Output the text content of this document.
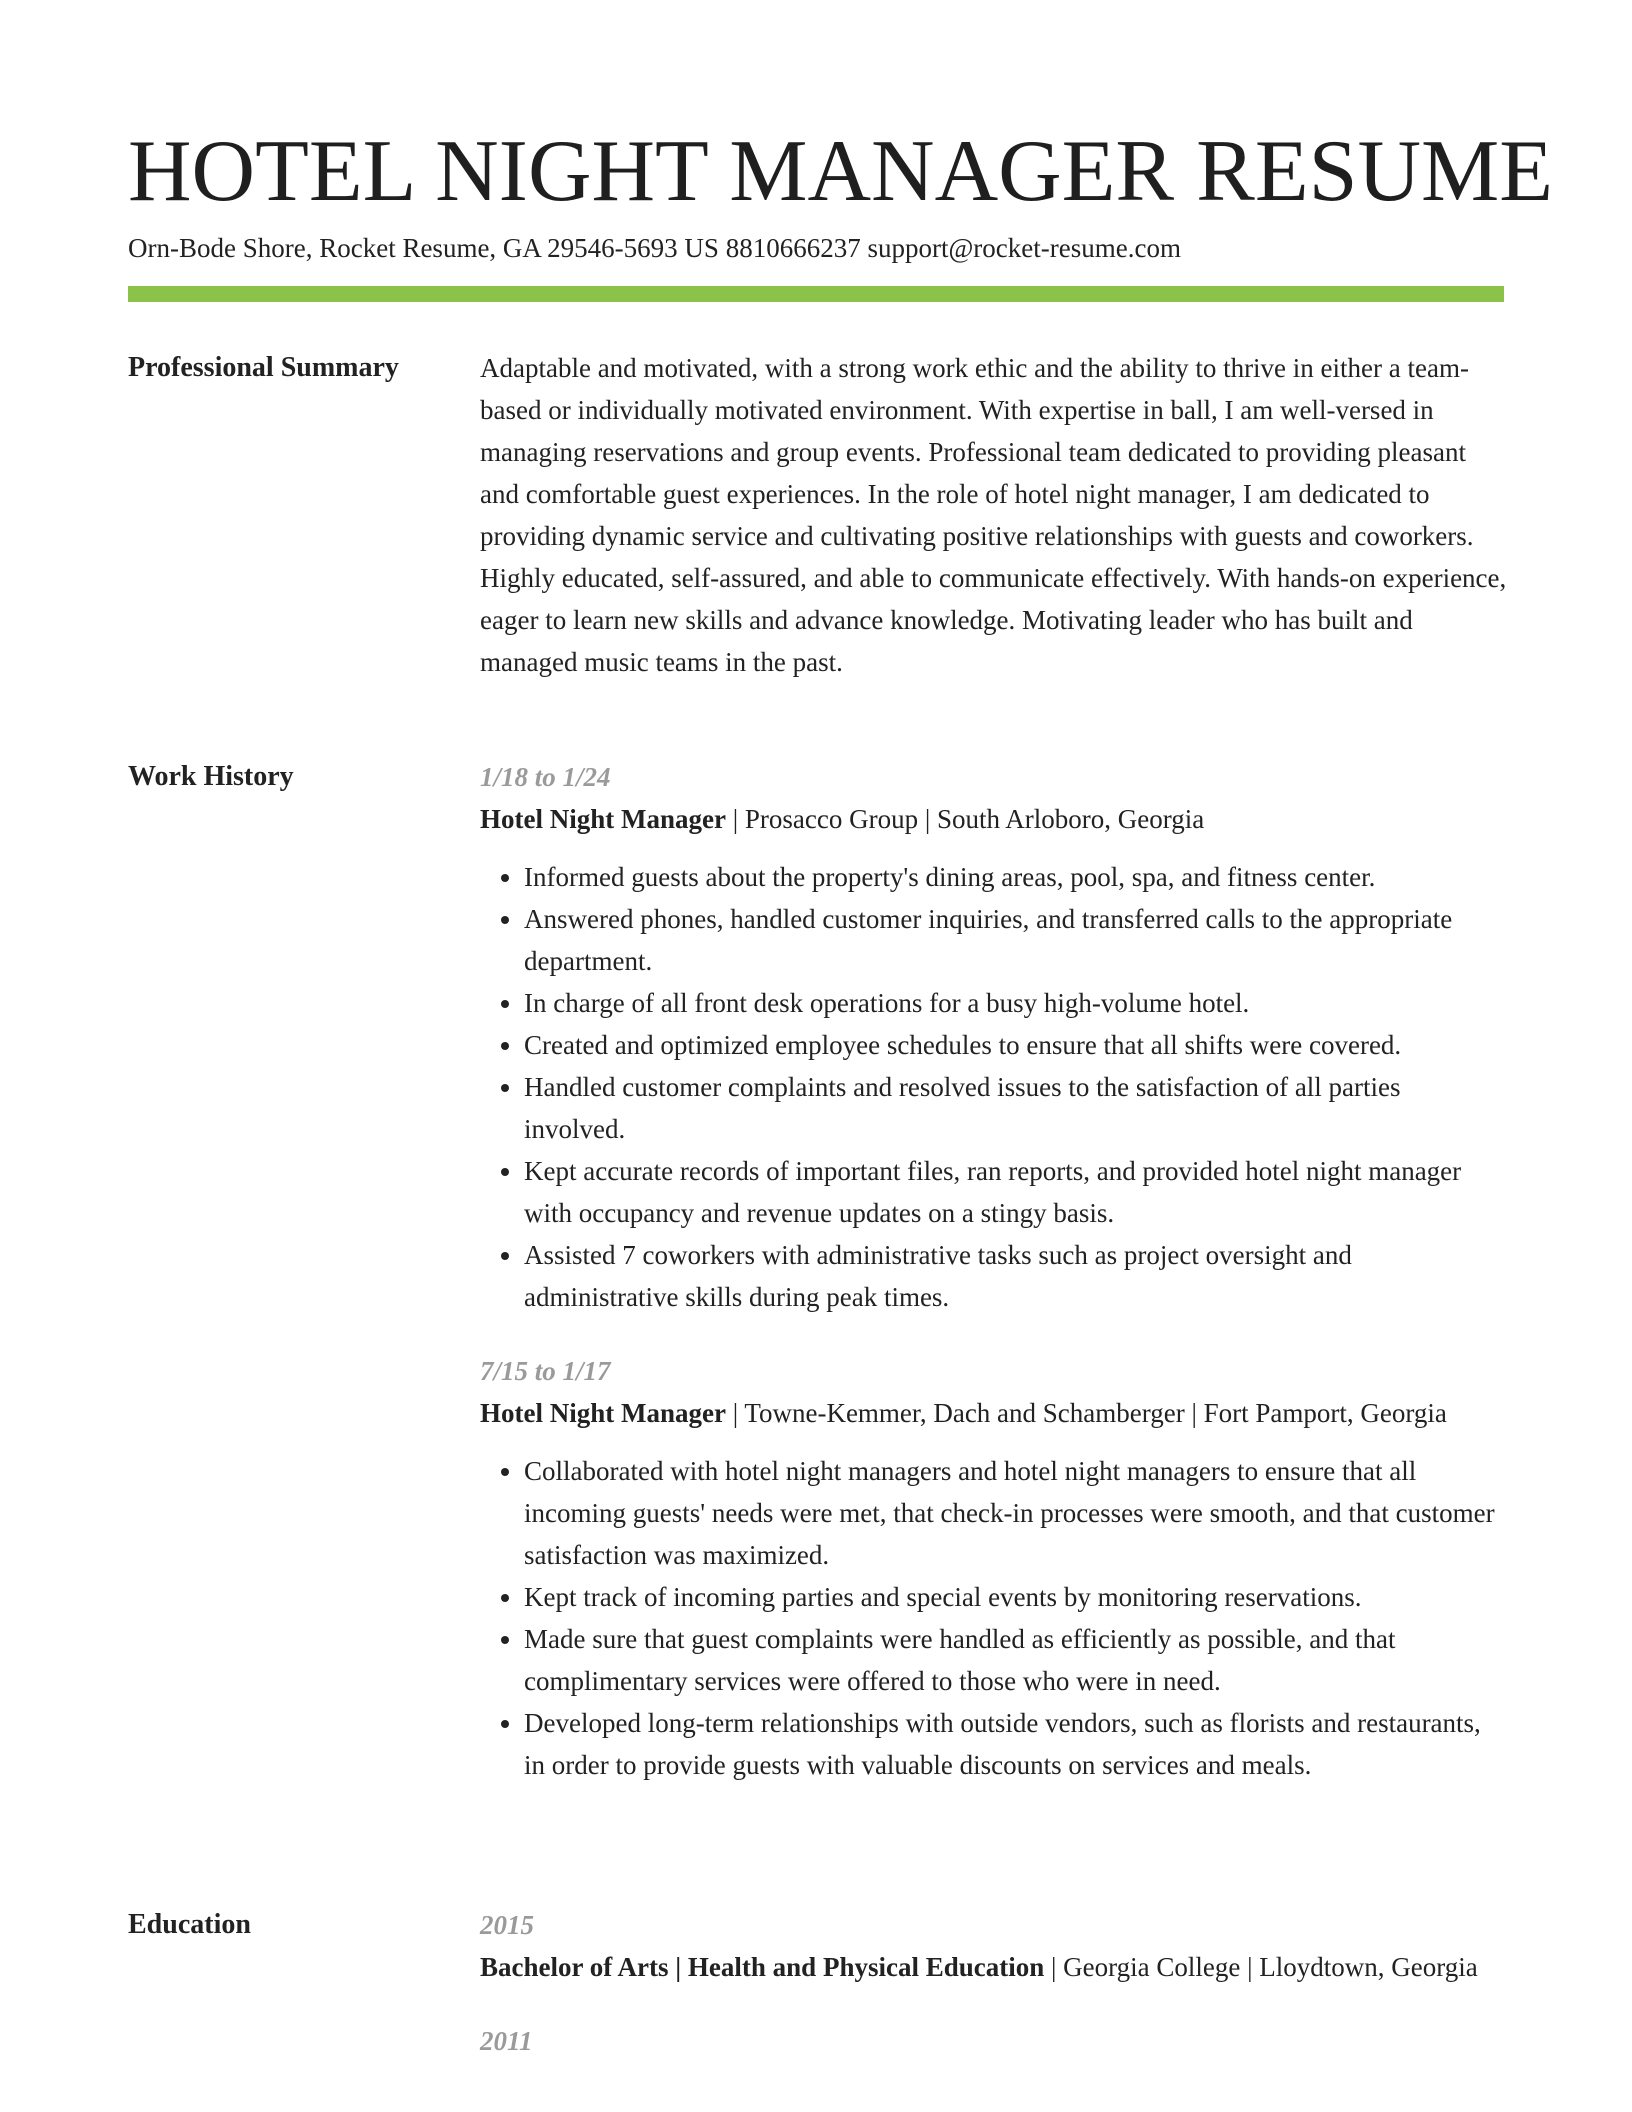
HOTEL NIGHT MANAGER RESUME
Orn-Bode Shore, Rocket Resume, GA 29546-5693 US 8810666237 support@rocket-resume.com
Professional Summary	Adaptable and motivated, with a strong work ethic and the ability to thrive in either a team-based or individually motivated environment. With expertise in ball, I am well-versed in managing reservations and group events. Professional team dedicated to providing pleasant and comfortable guest experiences. In the role of hotel night manager, I am dedicated to providing dynamic service and cultivating positive relationships with guests and coworkers. Highly educated, self-assured, and able to communicate effectively. With hands-on experience, eager to learn new skills and advance knowledge. Motivating leader who has built and managed music teams in the past.

Work History	1/18 to 1/24

Hotel Night Manager | Prosacco Group | South Arloboro, Georgia

• Informed guests about the property's dining areas, pool, spa, and fitness center.
• Answered phones, handled customer inquiries, and transferred calls to the appropriate department.
• In charge of all front desk operations for a busy high-volume hotel.
• Created and optimized employee schedules to ensure that all shifts were covered.
• Handled customer complaints and resolved issues to the satisfaction of all parties involved.
• Kept accurate records of important files, ran reports, and provided hotel night manager with occupancy and revenue updates on a stingy basis.
• Assisted 7 coworkers with administrative tasks such as project oversight and administrative skills during peak times.
7/15 to 1/17

Hotel Night Manager | Towne-Kemmer, Dach and Schamberger | Fort Pamport, Georgia

• Collaborated with hotel night managers and hotel night managers to ensure that all incoming guests' needs were met, that check-in processes were smooth, and that customer satisfaction was maximized.
• Kept track of incoming parties and special events by monitoring reservations.
• Made sure that guest complaints were handled as efficiently as possible, and that complimentary services were offered to those who were in need.
• Developed long-term relationships with outside vendors, such as florists and restaurants, in order to provide guests with valuable discounts on services and meals.
Education	2015

Bachelor of Arts | Health and Physical Education | Georgia College | Lloydtown, Georgia

2011
